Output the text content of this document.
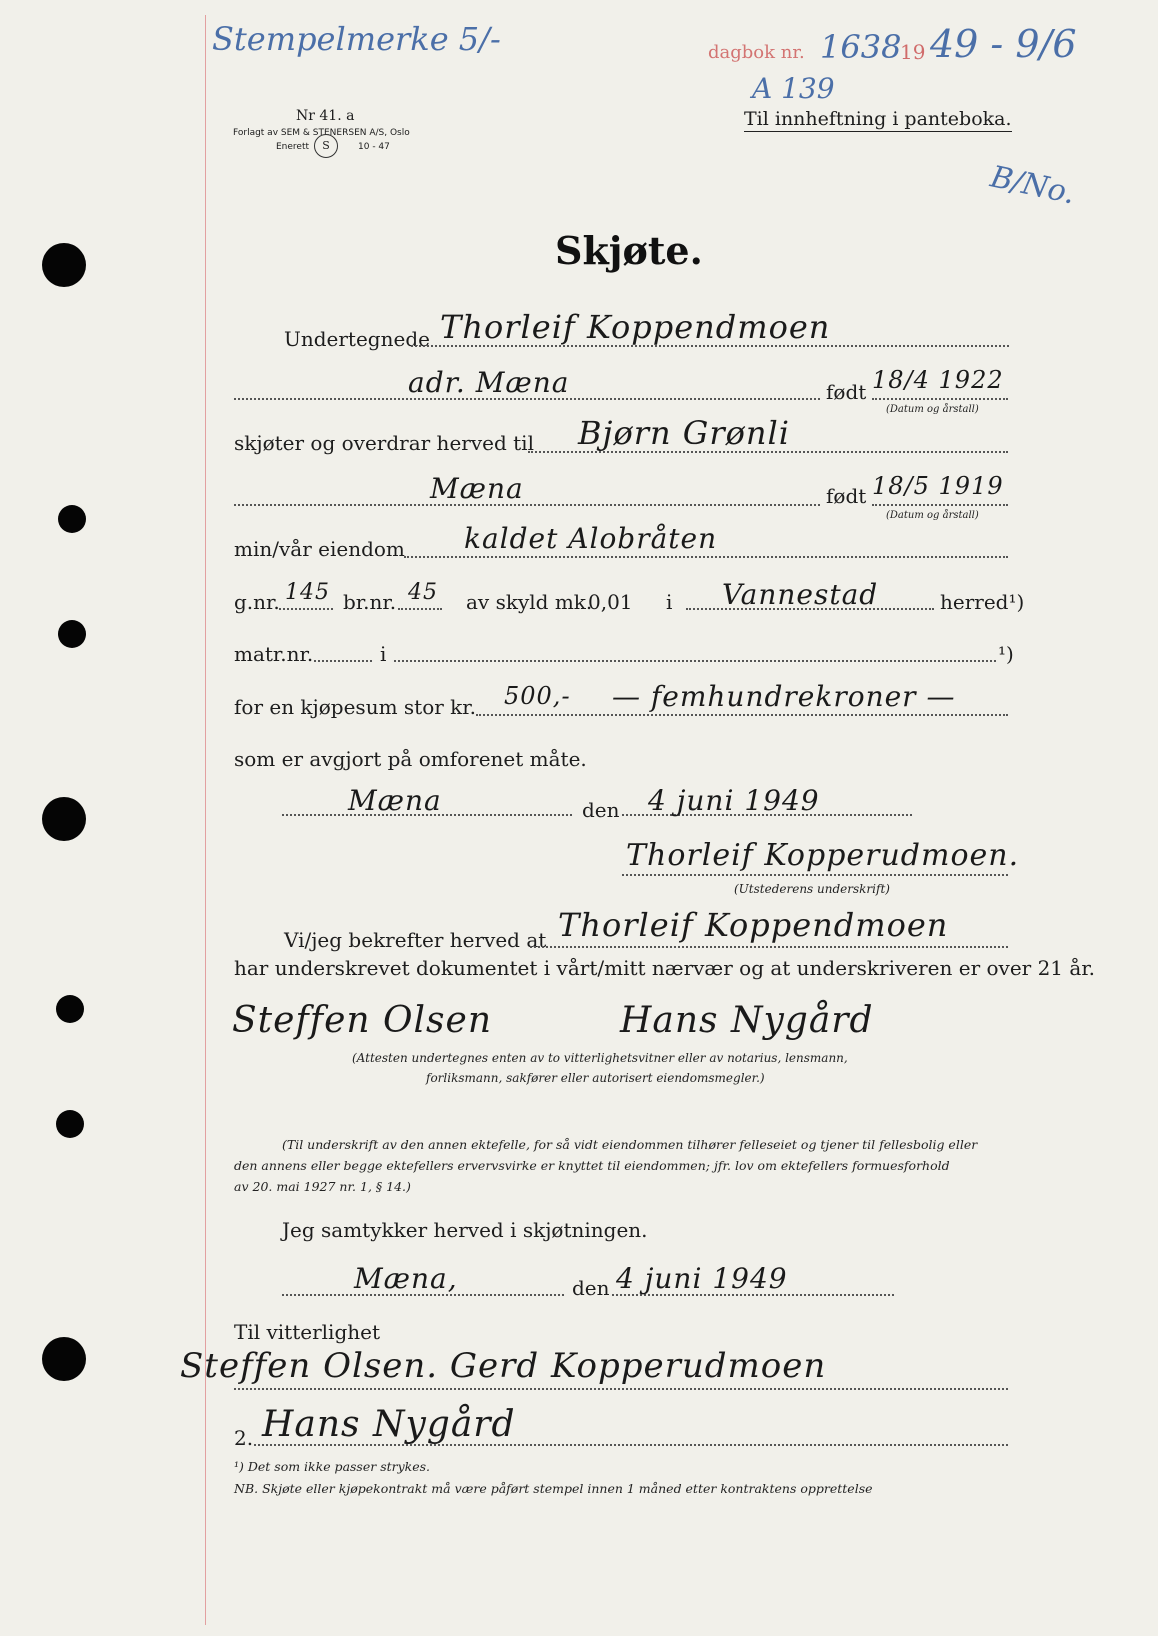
Stempelmerke 5/-	dagbok nr. 1638
19 49 - 9/6
A 139
Nr 41. a
Forlagt av SEM & STENERSEN A/S, Oslo
Enerett	S	10 - 47
Til innheftning i panteboka.
B/No.
Skjøte.
Undertegnede Thorleif Koppendmoen
adr. Mæna	født 18/4 1922
(Datum og årstall)
skjøter og overdrar herved til Bjørn Grønli
Mæna	født 18/5 1919
(Datum og årstall)
min/vår eiendom kaldet Alobråten
g.nr. 145 br.nr. 45 av skyld mk.
0,01 i Vannestad	herred¹)
matr.nr.	i	¹)
for en kjøpesum stor kr. 500,- — femhundrekroner —
som er avgjort på omforenet måte.
Mæna	den 4 juni 1949
Thorleif Kopperudmoen.
(Utstederens underskrift)
Vi/jeg bekrefter herved at Thorleif Koppendmoen
har underskrevet dokumentet i vårt/mitt nærvær og at underskriveren er over 21 år.
Steffen Olsen	Hans Nygård
(Attesten undertegnes enten av to vitterlighetsvitner eller av notarius, lensmann,
forliksmann, sakfører eller autorisert eiendomsmegler.)
(Til underskrift av den annen ektefelle, for så vidt eiendommen tilhører felleseiet og tjener til fellesbolig eller
den annens eller begge ektefellers ervervsvirke er knyttet til eiendommen; jfr. lov om ektefellers formuesforhold
av 20. mai 1927 nr. 1, § 14.)
Jeg samtykker herved i skjøtningen.
Mæna,	den 4 juni 1949
Til vitterlighet
Steffen Olsen. Gerd Kopperudmoen
2. Hans Nygård
¹) Det som ikke passer strykes.
NB. Skjøte eller kjøpekontrakt må være påført stempel innen 1 måned etter kontraktens opprettelse
